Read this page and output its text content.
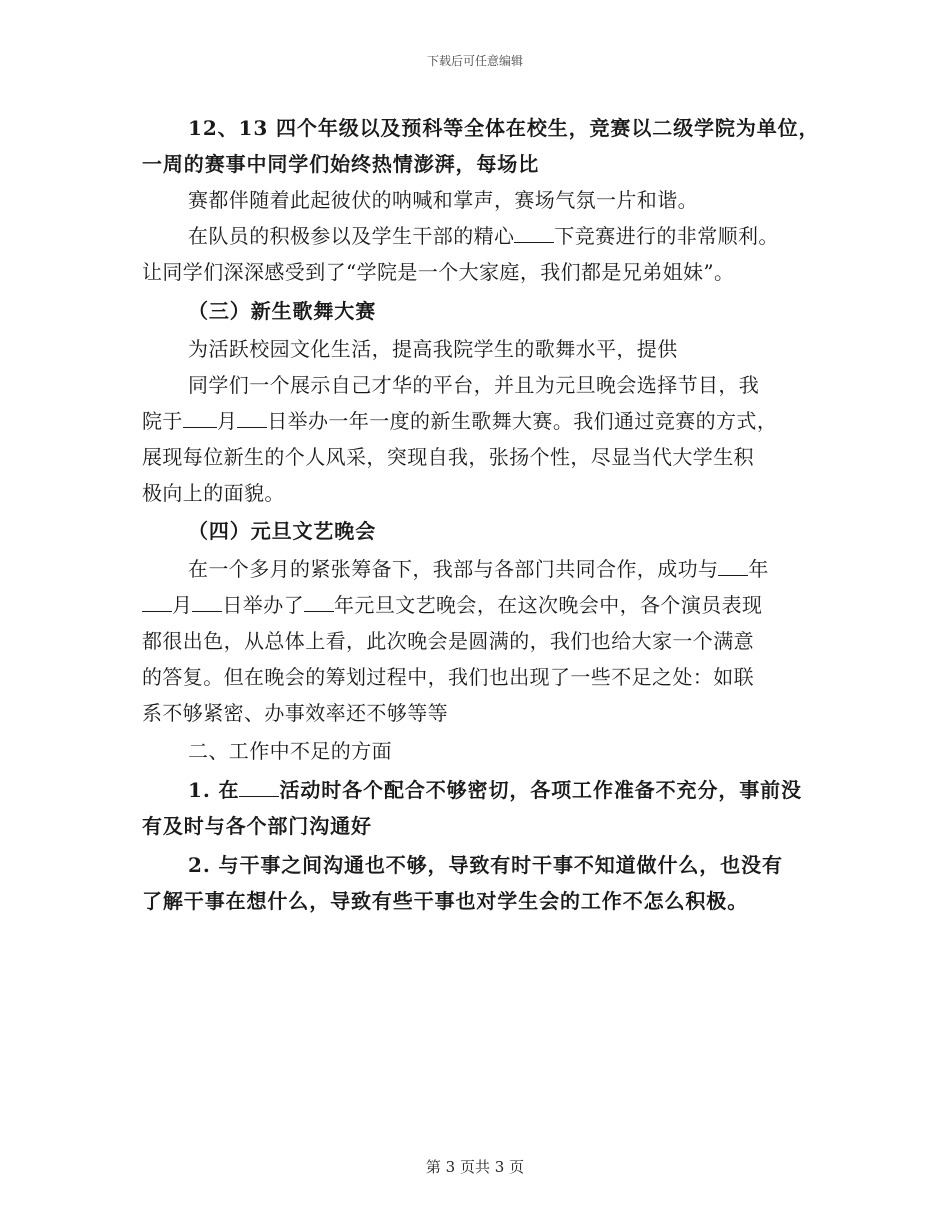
下载后可任意编辑
12、13 四个年级以及预科等全体在校生，竞赛以二级学院为单位，
一周的赛事中同学们始终热情澎湃，每场比
赛都伴随着此起彼伏的呐喊和掌声，赛场气氛一片和谐。
在队员的积极参以及学生干部的精心 下竞赛进行的非常顺利。
让同学们深深感受到了“学院是一个大家庭，我们都是兄弟姐妹”。
（三）新生歌舞大赛
为活跃校园文化生活，提高我院学生的歌舞水平，提供
同学们一个展示自己才华的平台，并且为元旦晚会选择节目，我
院于 月 日举办一年一度的新生歌舞大赛。我们通过竞赛的方式，
展现每位新生的个人风采，突现自我，张扬个性，尽显当代大学生积
极向上的面貌。
（四）元旦文艺晚会
在一个多月的紧张筹备下，我部与各部门共同合作，成功与 年
月 日举办了 年元旦文艺晚会，在这次晚会中，各个演员表现
都很出色，从总体上看，此次晚会是圆满的，我们也给大家一个满意
的答复。但在晚会的筹划过程中，我们也出现了一些不足之处：如联
系不够紧密、办事效率还不够等等
二、工作中不足的方面
1. 在 活动时各个配合不够密切，各项工作准备不充分，事前没
有及时与各个部门沟通好
2. 与干事之间沟通也不够，导致有时干事不知道做什么，也没有
了解干事在想什么，导致有些干事也对学生会的工作不怎么积极。
第 3 页共 3 页
